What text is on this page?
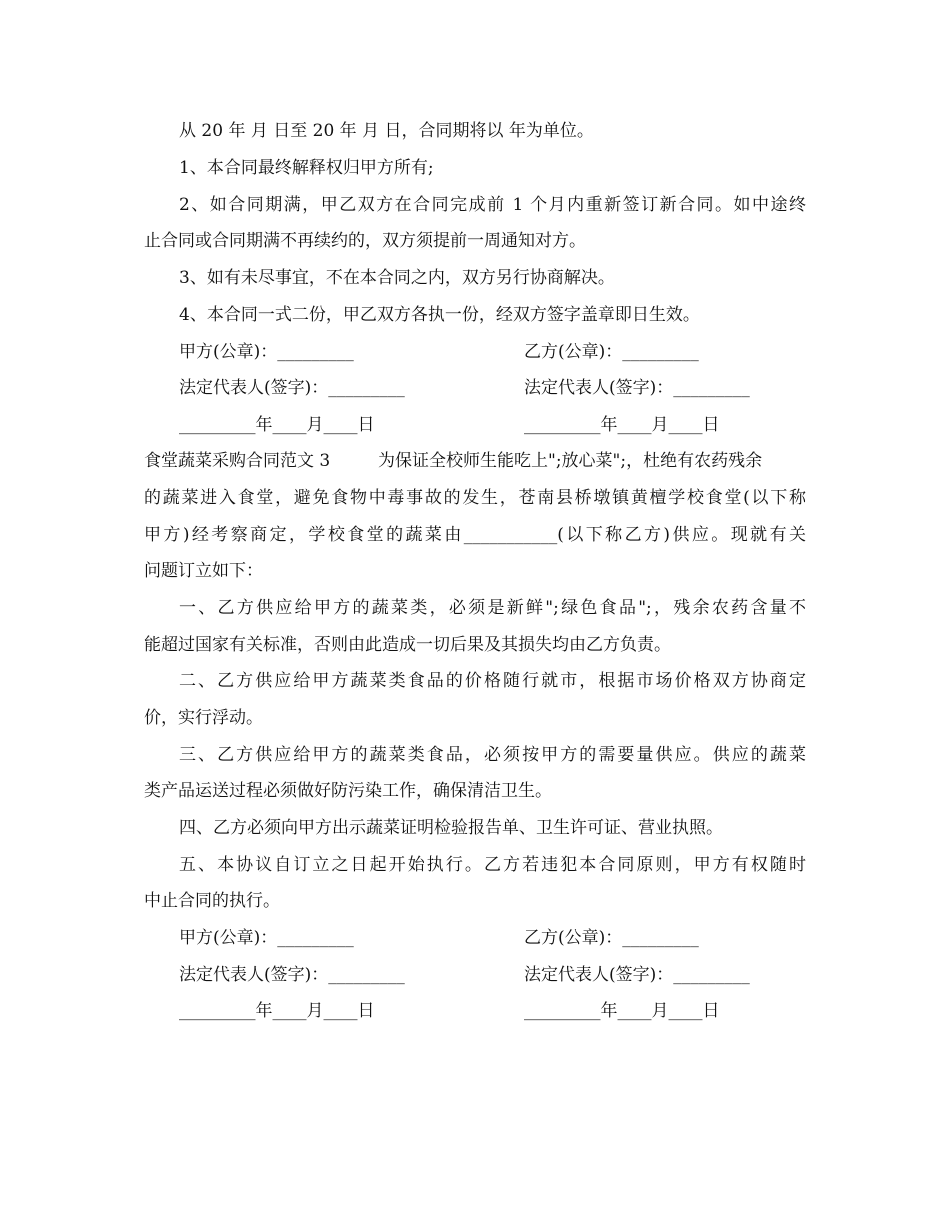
从 20 年 月 日至 20 年 月 日，合同期将以 年为单位。
1、本合同最终解释权归甲方所有;
2、如合同期满，甲乙双方在合同完成前 1 个月内重新签订新合同。如中途终
止合同或合同期满不再续约的，双方须提前一周通知对方。
3、如有未尽事宜，不在本合同之内，双方另行协商解决。
4、本合同一式二份，甲乙双方各执一份，经双方签字盖章即日生效。
甲方(公章)：_________	乙方(公章)：_________
法定代表人(签字)：_________	法定代表人(签字)：_________
_________年____月____日	_________年____月____日
食堂蔬菜采购合同范文 3	为保证全校师生能吃上";放心菜";，杜绝有农药残余
的蔬菜进入食堂，避免食物中毒事故的发生，苍南县桥墩镇黄檀学校食堂(以下称
甲方)经考察商定，学校食堂的蔬菜由___________(以下称乙方)供应。现就有关
问题订立如下：
一、乙方供应给甲方的蔬菜类，必须是新鲜";绿色食品";，残余农药含量不
能超过国家有关标准，否则由此造成一切后果及其损失均由乙方负责。
二、乙方供应给甲方蔬菜类食品的价格随行就市，根据市场价格双方协商定
价，实行浮动。
三、乙方供应给甲方的蔬菜类食品，必须按甲方的需要量供应。供应的蔬菜
类产品运送过程必须做好防污染工作，确保清洁卫生。
四、乙方必须向甲方出示蔬菜证明检验报告单、卫生许可证、营业执照。
五、本协议自订立之日起开始执行。乙方若违犯本合同原则，甲方有权随时
中止合同的执行。
甲方(公章)：_________	乙方(公章)：_________
法定代表人(签字)：_________	法定代表人(签字)：_________
_________年____月____日	_________年____月____日
